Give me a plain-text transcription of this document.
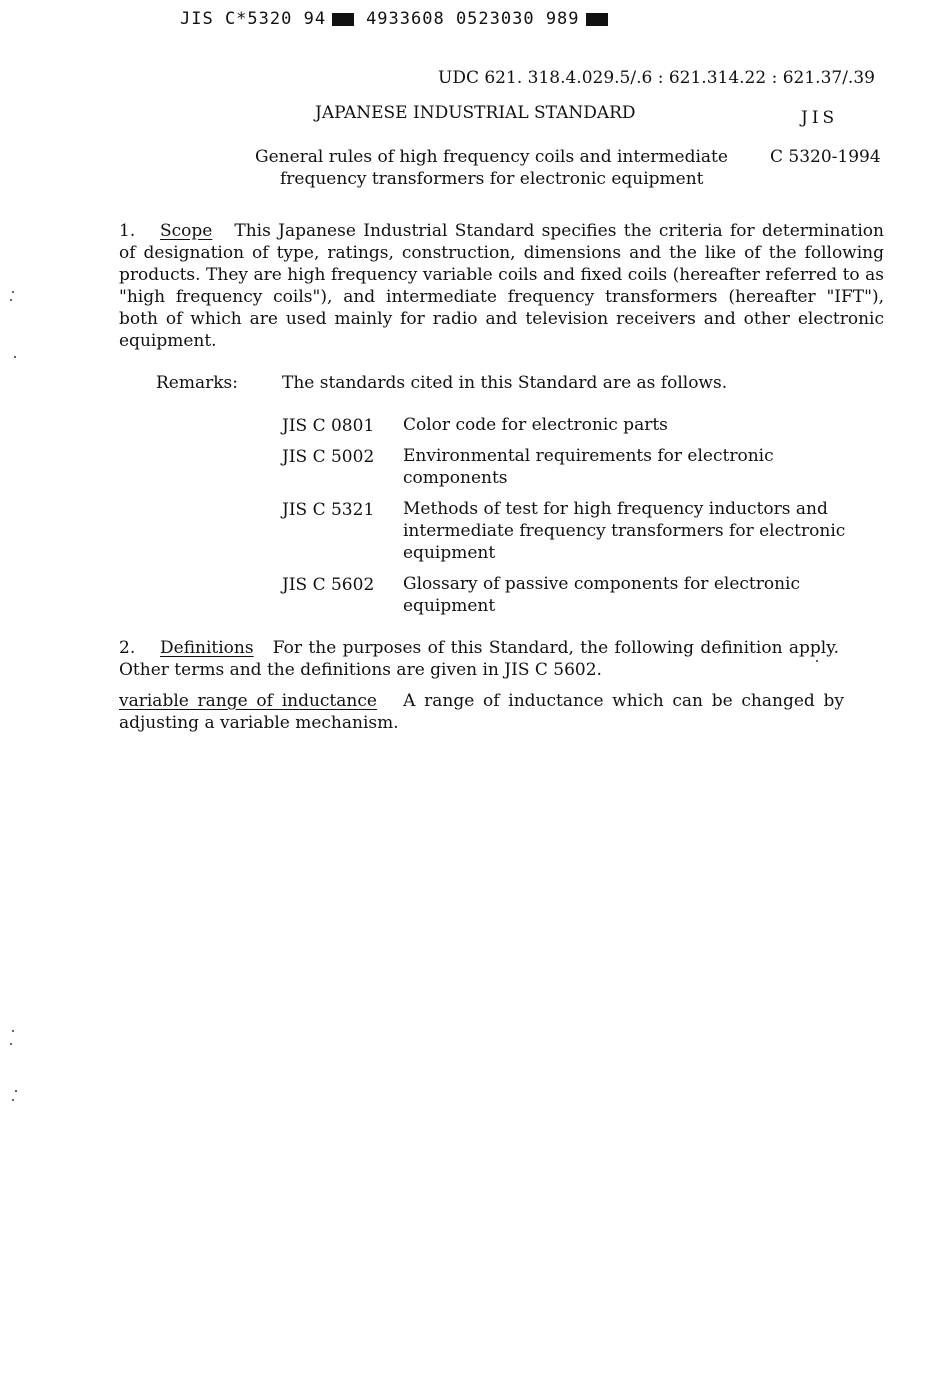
JIS C*5320 94 4933608 0523030 989
UDC 621. 318.4.029.5/.6 : 621.314.22 : 621.37/.39
JAPANESE INDUSTRIAL STANDARD	JIS
General rules of high frequency coils and intermediate C 5320-1994
frequency transformers for electronic equipment
1. Scope This Japanese Industrial Standard specifies the criteria for determination of designation of type, ratings, construction, dimensions and the like of the following products. They are high frequency variable coils and fixed coils (hereafter referred to as "high frequency coils"), and intermediate frequency transformers (hereafter "IFT"), both of which are used mainly for radio and television receivers and other electronic equipment.
Remarks:	The standards cited in this Standard are as follows.
JIS C 0801 Color code for electronic parts
JIS C 5002 Environmental requirements for electronic components
JIS C 5321 Methods of test for high frequency inductors and intermediate frequency transformers for electronic equipment
JIS C 5602 Glossary of passive components for electronic equipment
2. Definitions For the purposes of this Standard, the following definition apply. Other terms and the definitions are given in JIS C 5602.
variable range of inductance A range of inductance which can be changed by adjusting a variable mechanism.
